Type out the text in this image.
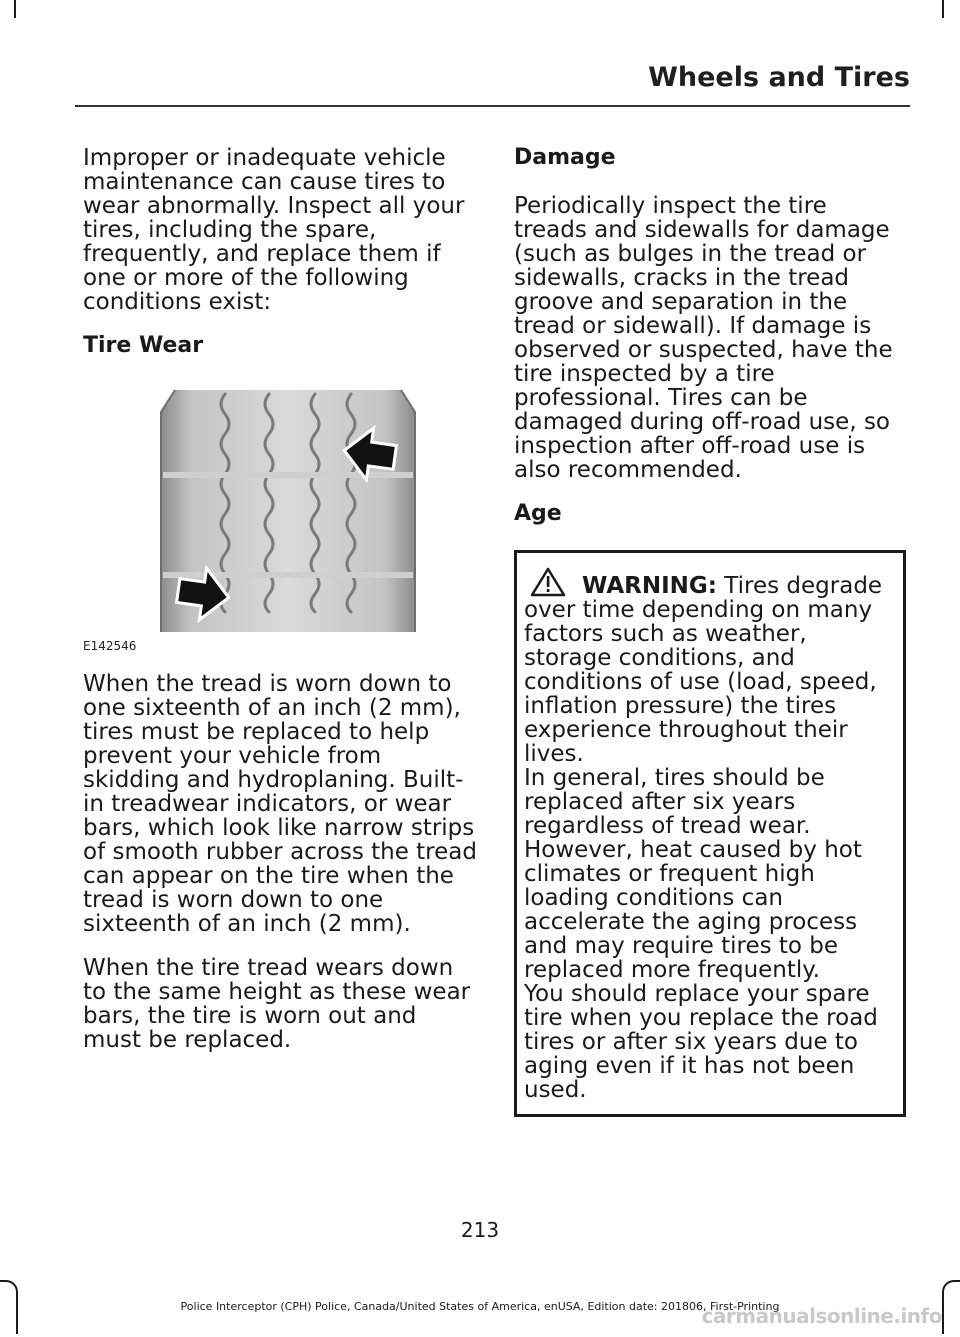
Wheels and Tires

Improper or inadequate vehicle maintenance can cause tires to wear abnormally. Inspect all your tires, including the spare, frequently, and replace them if one or more of the following conditions exist:

Tire Wear

E142546

When the tread is worn down to one sixteenth of an inch (2 mm), tires must be replaced to help prevent your vehicle from skidding and hydroplaning. Built-in treadwear indicators, or wear bars, which look like narrow strips of smooth rubber across the tread can appear on the tire when the tread is worn down to one sixteenth of an inch (2 mm).

When the tire tread wears down to the same height as these wear bars, the tire is worn out and must be replaced.

Damage

Periodically inspect the tire treads and sidewalls for damage (such as bulges in the tread or sidewalls, cracks in the tread groove and separation in the tread or sidewall). If damage is observed or suspected, have the tire inspected by a tire professional. Tires can be damaged during off-road use, so inspection after off-road use is also recommended.

Age

WARNING: Tires degrade over time depending on many factors such as weather, storage conditions, and conditions of use (load, speed, inflation pressure) the tires experience throughout their lives.

In general, tires should be replaced after six years regardless of tread wear. However, heat caused by hot climates or frequent high loading conditions can accelerate the aging process and may require tires to be replaced more frequently.

You should replace your spare tire when you replace the road tires or after six years due to aging even if it has not been used.

213
Police Interceptor (CPH) Police, Canada/United States of America, enUSA, Edition date: 201806, First-Printing
carmanualsonline.info
